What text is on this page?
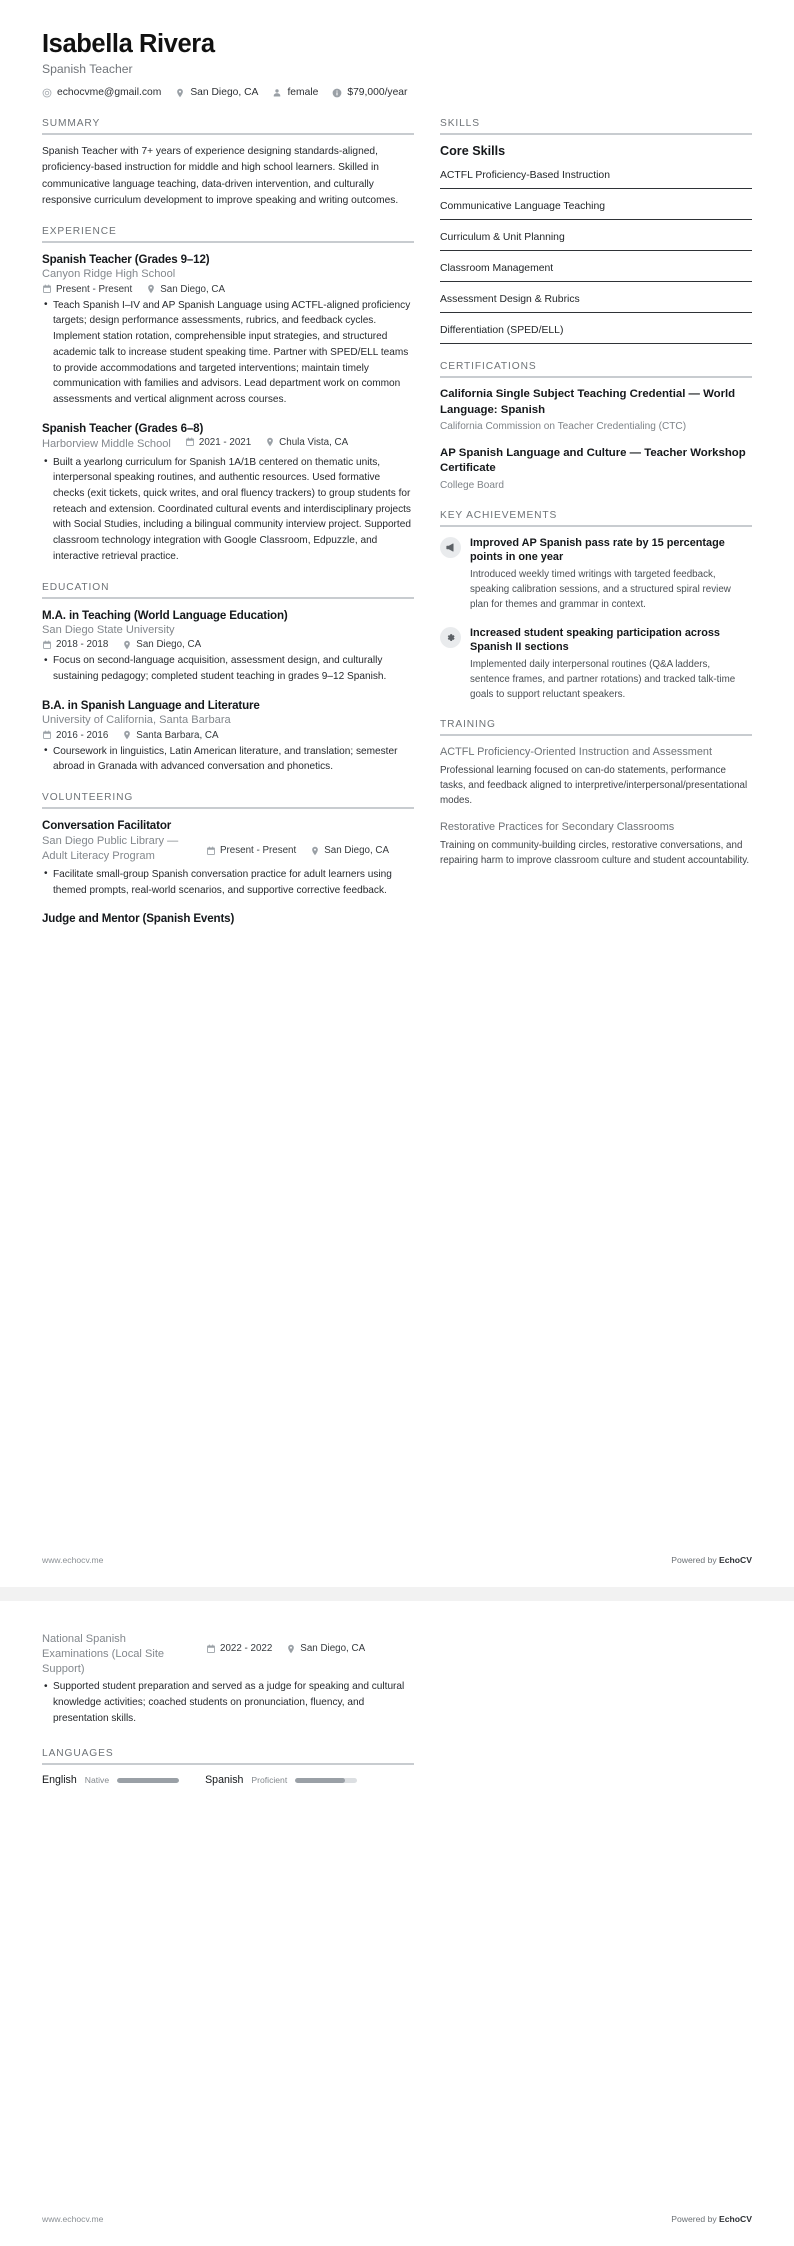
Isabella Rivera
Spanish Teacher
echocvme@gmail.com	San Diego, CA	female	$79,000/year
SUMMARY
Spanish Teacher with 7+ years of experience designing standards-aligned, proficiency-based instruction for middle and high school learners. Skilled in communicative language teaching, data-driven intervention, and culturally responsive curriculum development to improve speaking and writing outcomes.
EXPERIENCE
Spanish Teacher (Grades 9–12)
Canyon Ridge High School
Present - Present	San Diego, CA
• Teach Spanish I–IV and AP Spanish Language using ACTFL-aligned proficiency targets; design performance assessments, rubrics, and feedback cycles. Implement station rotation, comprehensible input strategies, and structured academic talk to increase student speaking time. Partner with SPED/ELL teams to provide accommodations and targeted interventions; maintain timely communication with families and advisors. Lead department work on common assessments and vertical alignment across courses.
Spanish Teacher (Grades 6–8)
Harborview Middle School	2021 - 2021	Chula Vista, CA
• Built a yearlong curriculum for Spanish 1A/1B centered on thematic units, interpersonal speaking routines, and authentic resources. Used formative checks (exit tickets, quick writes, and oral fluency trackers) to group students for reteach and extension. Coordinated cultural events and interdisciplinary projects with Social Studies, including a bilingual community interview project. Supported classroom technology integration with Google Classroom, Edpuzzle, and interactive retrieval practice.
EDUCATION
M.A. in Teaching (World Language Education)
San Diego State University
2018 - 2018	San Diego, CA
• Focus on second-language acquisition, assessment design, and culturally sustaining pedagogy; completed student teaching in grades 9–12 Spanish.
B.A. in Spanish Language and Literature
University of California, Santa Barbara
2016 - 2016	Santa Barbara, CA
• Coursework in linguistics, Latin American literature, and translation; semester abroad in Granada with advanced conversation and phonetics.
VOLUNTEERING
Conversation Facilitator
San Diego Public Library — Adult Literacy Program	Present - Present	San Diego, CA
• Facilitate small-group Spanish conversation practice for adult learners using themed prompts, real-world scenarios, and supportive corrective feedback.
Judge and Mentor (Spanish Events)
SKILLS
Core Skills
ACTFL Proficiency-Based Instruction
Communicative Language Teaching
Curriculum & Unit Planning
Classroom Management
Assessment Design & Rubrics
Differentiation (SPED/ELL)
CERTIFICATIONS
California Single Subject Teaching Credential — World Language: Spanish
California Commission on Teacher Credentialing (CTC)
AP Spanish Language and Culture — Teacher Workshop Certificate
College Board
KEY ACHIEVEMENTS
Improved AP Spanish pass rate by 15 percentage points in one year
Introduced weekly timed writings with targeted feedback, speaking calibration sessions, and a structured spiral review plan for themes and grammar in context.
Increased student speaking participation across Spanish II sections
Implemented daily interpersonal routines (Q&A ladders, sentence frames, and partner rotations) and tracked talk-time goals to support reluctant speakers.
TRAINING
ACTFL Proficiency-Oriented Instruction and Assessment
Professional learning focused on can-do statements, performance tasks, and feedback aligned to interpretive/interpersonal/presentational modes.
Restorative Practices for Secondary Classrooms
Training on community-building circles, restorative conversations, and repairing harm to improve classroom culture and student accountability.
www.echocv.me	Powered by EchoCV
National Spanish Examinations (Local Site Support)
2022 - 2022	San Diego, CA
• Supported student preparation and served as a judge for speaking and cultural knowledge activities; coached students on pronunciation, fluency, and presentation skills.
LANGUAGES
English Native	Spanish Proficient
www.echocv.me	Powered by EchoCV
